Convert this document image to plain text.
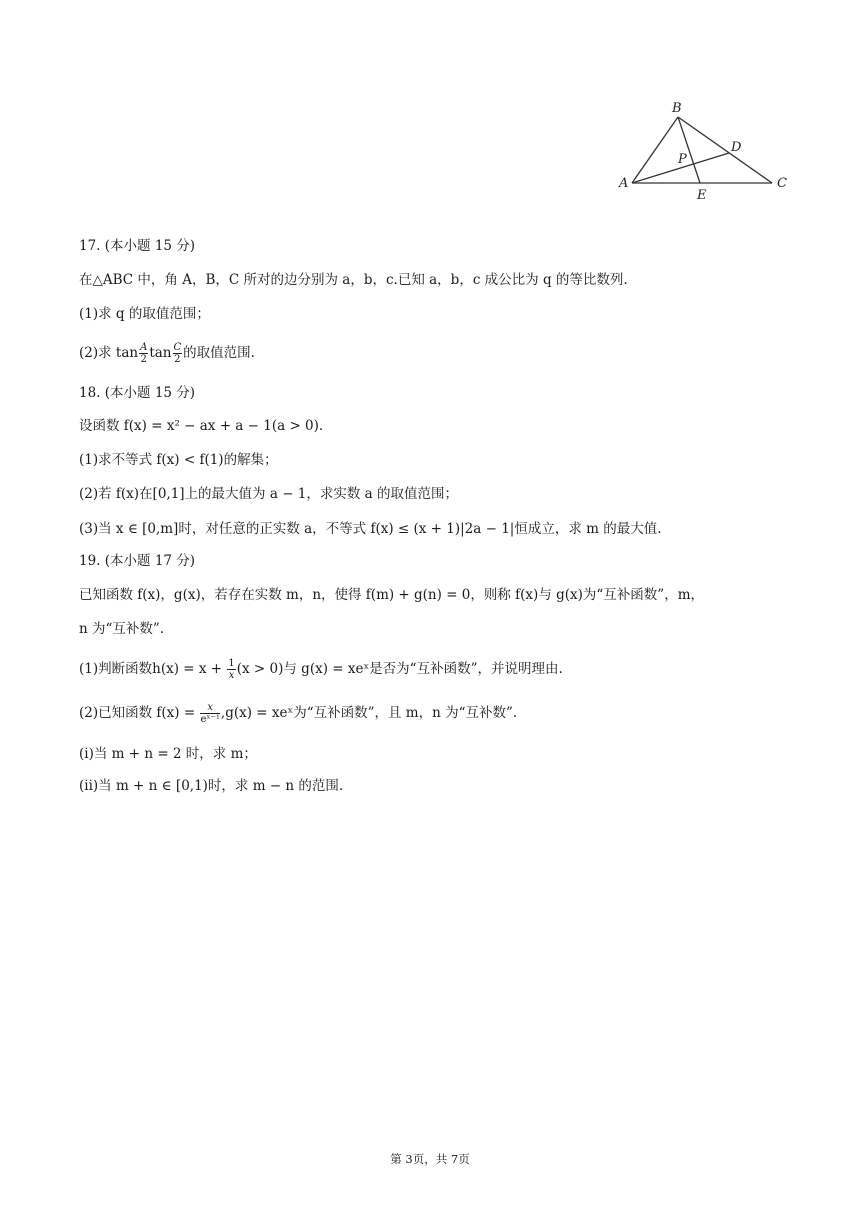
B
D
P
A
E
C
17. (本小题 15 分)
在△ABC 中，角 A，B，C 所对的边分别为 a，b，c.已知 a，b，c 成公比为 q 的等比数列.
(1)求 q 的取值范围；
(2)求 $\tan \frac{A}{2}$ $\tan \frac{C}{2}$ 的取值范围.
18. (本小题 15 分)
设函数 f(x) = x² − ax + a − 1(a > 0).
(1)求不等式 f(x) < f(1)的解集；
(2)若 f(x)在[0,1]上的最大值为 a − 1，求实数 a 的取值范围；
(3)当 x ∈ [0,m]时，对任意的正实数 a，不等式 f(x) ≤ (x + 1)|2a − 1|恒成立，求 m 的最大值.
19. (本小题 17 分)
已知函数 f(x)，g(x)，若存在实数 m，n，使得 f(m) + g(n) = 0，则称 f(x)与 g(x)为“互补函数”，m，
n 为“互补数”.
(1)判断函数$h(x) = x + \frac{1}{x} (x > 0)$与 g(x) = xeˣ是否为“互补函数”，并说明理由.
(2)已知函数 $f(x) = \frac{x}{\text{eˣ⁻¹}} ,g(x)$ = xeˣ为“互补函数”，且 m，n 为“互补数”.
(i)当 m + n = 2 时，求 m；
(ii)当 m + n ∈ [0,1)时，求 m − n 的范围.
第 3页，共 7页
